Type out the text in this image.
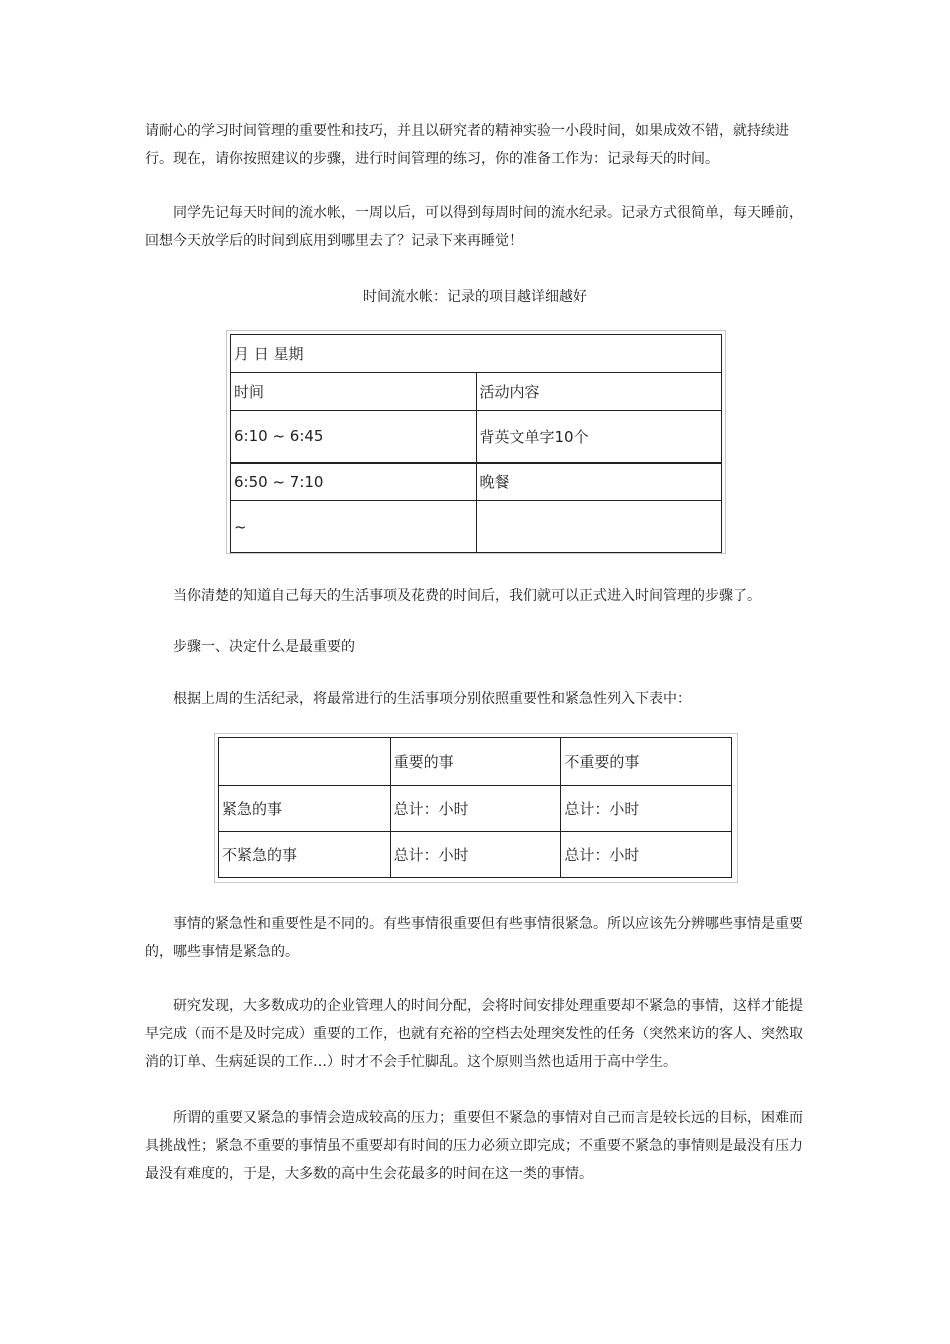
请耐心的学习时间管理的重要性和技巧，并且以研究者的精神实验一小段时间，如果成效不错，就持续进行。现在，请你按照建议的步骤，进行时间管理的练习，你的准备工作为：记录每天的时间。

同学先记每天时间的流水帐，一周以后，可以得到每周时间的流水纪录。记录方式很简单，每天睡前，回想今天放学后的时间到底用到哪里去了？记录下来再睡觉！

时间流水帐：记录的项目越详细越好
月 日 星期	
时间	活动内容
6:10 ~ 6:45	背英文单字10个
6:50 ~ 7:10	晚餐
~	

当你清楚的知道自己每天的生活事项及花费的时间后，我们就可以正式进入时间管理的步骤了。

步骤一、决定什么是最重要的

根据上周的生活纪录，将最常进行的生活事项分别依照重要性和紧急性列入下表中：

	重要的事	不重要的事
紧急的事	总计：小时	总计：小时
不紧急的事	总计：小时	总计：小时

事情的紧急性和重要性是不同的。有些事情很重要但有些事情很紧急。所以应该先分辨哪些事情是重要的，哪些事情是紧急的。

研究发现，大多数成功的企业管理人的时间分配，会将时间安排处理重要却不紧急的事情，这样才能提早完成（而不是及时完成）重要的工作，也就有充裕的空档去处理突发性的任务（突然来访的客人、突然取消的订单、生病延误的工作…）时才不会手忙脚乱。这个原则当然也适用于高中学生。

所谓的重要又紧急的事情会造成较高的压力；重要但不紧急的事情对自己而言是较长远的目标，困难而具挑战性；紧急不重要的事情虽不重要却有时间的压力必须立即完成；不重要不紧急的事情则是最没有压力最没有难度的，于是，大多数的高中生会花最多的时间在这一类的事情。
